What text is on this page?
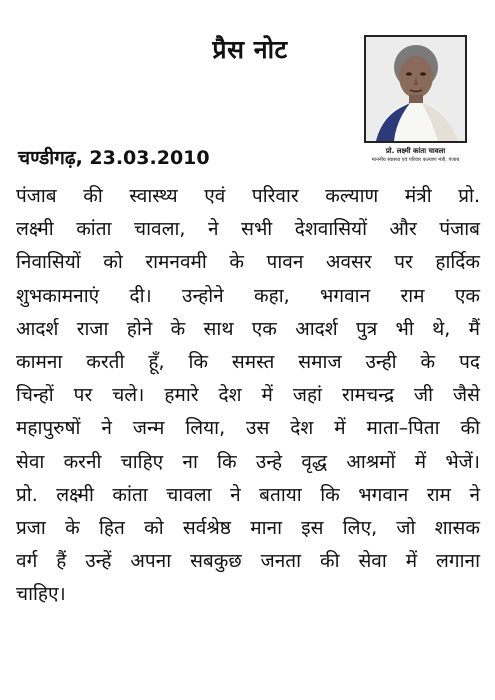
प्रैस नोट
प्रो. लक्ष्मी कांता चावला
माननीय स्वास्थ्य एवं परिवार कल्याण मंत्री, पंजाब
चण्डीगढ़, 23.03.2010
पंजाब की स्वास्थ्य एवं परिवार कल्याण मंत्री प्रो.
लक्ष्मी कांता चावला, ने सभी देशवासियों और पंजाब
निवासियों को रामनवमी के पावन अवसर पर हार्दिक
शुभकामनाएं दी। उन्होने कहा, भगवान राम एक
आदर्श राजा होने के साथ एक आदर्श पुत्र भी थे, मैं
कामना करती हूँ, कि समस्त समाज उन्ही के पद
चिन्हों पर चले। हमारे देश में जहां रामचन्द्र जी जैसे
महापुरुषों ने जन्म लिया, उस देश में माता–पिता की
सेवा करनी चाहिए ना कि उन्हे वृद्ध आश्रमों में भेजें।
प्रो. लक्ष्मी कांता चावला ने बताया कि भगवान राम ने
प्रजा के हित को सर्वश्रेष्ठ माना इस लिए, जो शासक
वर्ग हैं उन्हें अपना सबकुछ जनता की सेवा में लगाना
चाहिए।
